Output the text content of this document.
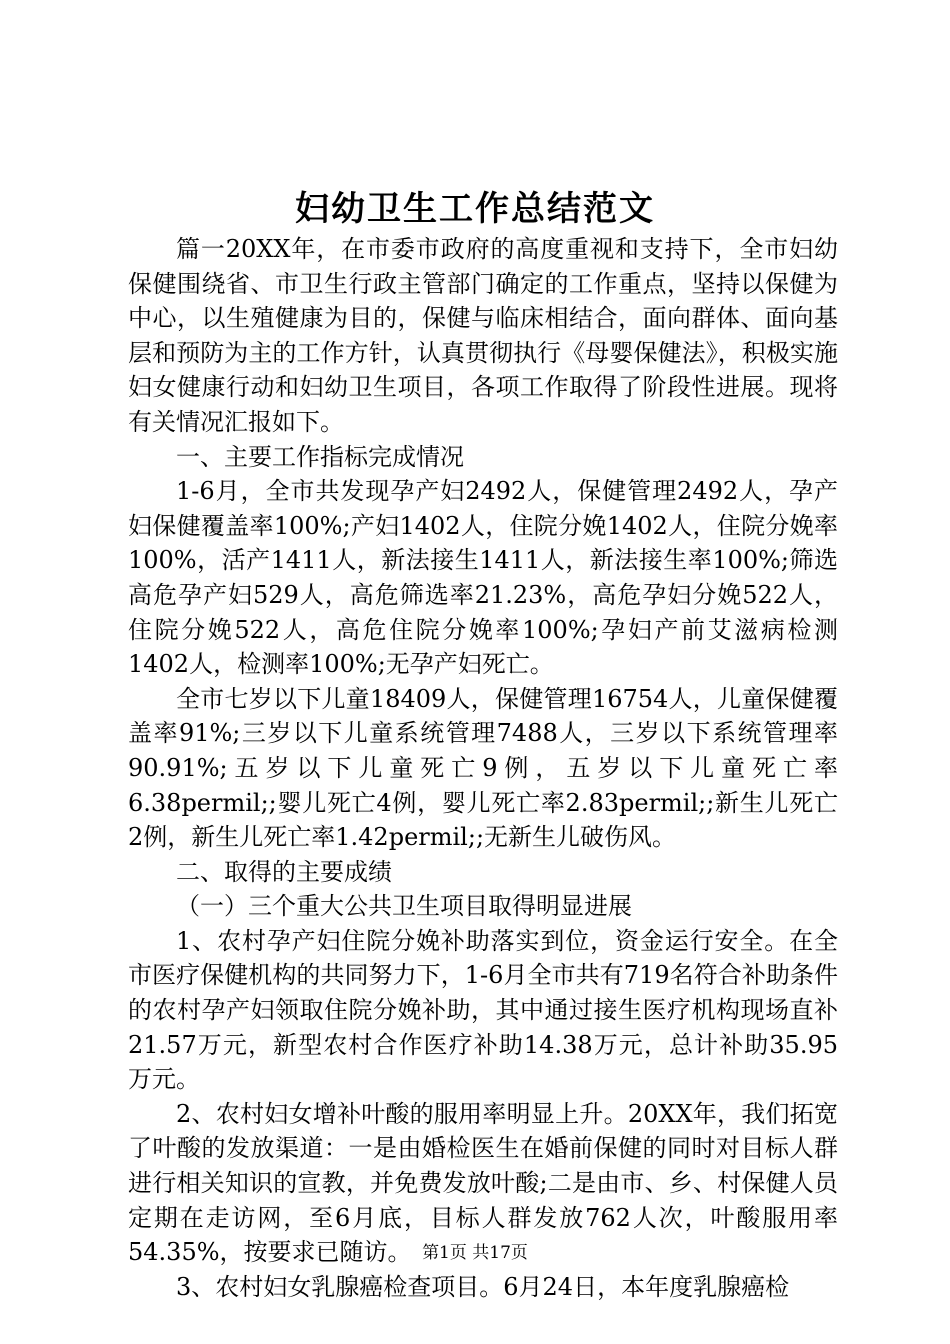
妇幼卫生工作总结范文

篇一20XX年，在市委市政府的高度重视和支持下，全市妇幼保健围绕省、市卫生行政主管部门确定的工作重点，坚持以保健为中心，以生殖健康为目的，保健与临床相结合，面向群体、面向基层和预防为主的工作方针，认真贯彻执行《母婴保健法》，积极实施妇女健康行动和妇幼卫生项目，各项工作取得了阶段性进展。现将有关情况汇报如下。

一、主要工作指标完成情况

1-6月，全市共发现孕产妇2492人，保健管理2492人，孕产妇保健覆盖率100%;产妇1402人，住院分娩1402人，住院分娩率100%，活产1411人，新法接生1411人，新法接生率100%;筛选高危孕产妇529人，高危筛选率21.23%，高危孕妇分娩522人，住院分娩522人，高危住院分娩率100%;孕妇产前艾滋病检测1402人，检测率100%;无孕产妇死亡。

全市七岁以下儿童18409人，保健管理16754人，儿童保健覆盖率91%;三岁以下儿童系统管理7488人，三岁以下系统管理率90.91%;五岁以下儿童死亡9例，五岁以下儿童死亡率6.38permil;;婴儿死亡4例，婴儿死亡率2.83permil;;新生儿死亡2例，新生儿死亡率1.42permil;;无新生儿破伤风。

二、取得的主要成绩

（一）三个重大公共卫生项目取得明显进展

1、农村孕产妇住院分娩补助落实到位，资金运行安全。在全市医疗保健机构的共同努力下，1-6月全市共有719名符合补助条件的农村孕产妇领取住院分娩补助，其中通过接生医疗机构现场直补21.57万元，新型农村合作医疗补助14.38万元，总计补助35.95万元。

2、农村妇女增补叶酸的服用率明显上升。20XX年，我们拓宽了叶酸的发放渠道：一是由婚检医生在婚前保健的同时对目标人群进行相关知识的宣教，并免费发放叶酸;二是由市、乡、村保健人员定期在走访网，至6月底，目标人群发放762人次，叶酸服用率54.35%，按要求已随访。

3、农村妇女乳腺癌检查项目。6月24日，本年度乳腺癌检

第1页 共17页
